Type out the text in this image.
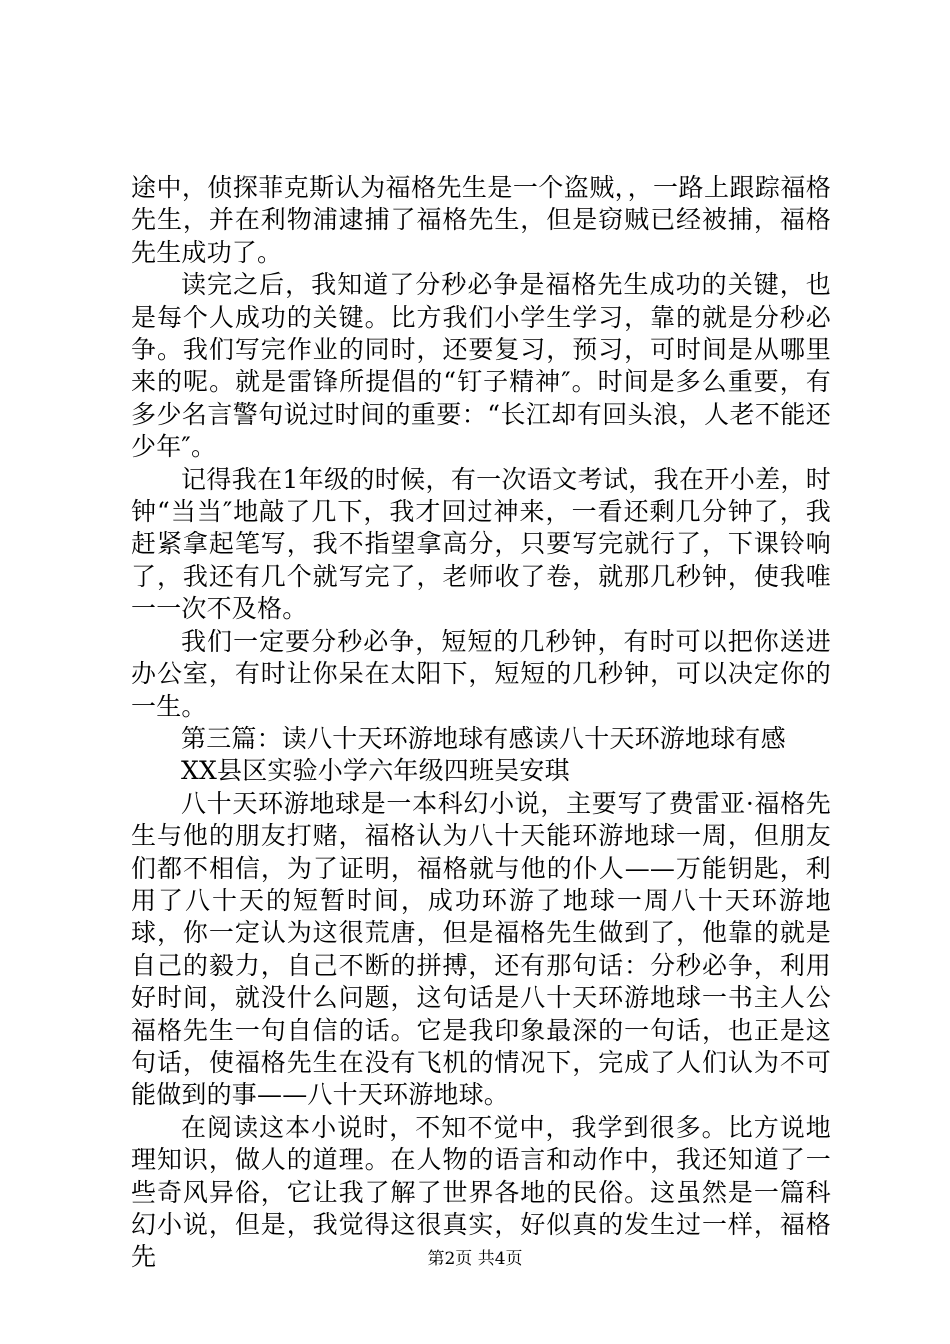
途中，侦探菲克斯认为福格先生是一个盗贼，，一路上跟踪福格先生，并在利物浦逮捕了福格先生，但是窃贼已经被捕，福格先生成功了。

读完之后，我知道了分秒必争是福格先生成功的关键，也是每个人成功的关键。比方我们小学生学习，靠的就是分秒必争。我们写完作业的同时，还要复习，预习，可时间是从哪里来的呢。就是雷锋所提倡的“钉子精神″。时间是多么重要，有多少名言警句说过时间的重要：“长江却有回头浪，人老不能还少年″。

记得我在1年级的时候，有一次语文考试，我在开小差，时钟“当当″地敲了几下，我才回过神来，一看还剩几分钟了，我赶紧拿起笔写，我不指望拿高分，只要写完就行了，下课铃响了，我还有几个就写完了，老师收了卷，就那几秒钟，使我唯一一次不及格。

我们一定要分秒必争，短短的几秒钟，有时可以把你送进办公室，有时让你呆在太阳下，短短的几秒钟，可以决定你的一生。

第三篇：读八十天环游地球有感读八十天环游地球有感

XX县区实验小学六年级四班吴安琪

八十天环游地球是一本科幻小说，主要写了费雷亚·福格先生与他的朋友打赌，福格认为八十天能环游地球一周，但朋友们都不相信，为了证明，福格就与他的仆人——万能钥匙，利用了八十天的短暂时间，成功环游了地球一周八十天环游地球，你一定认为这很荒唐，但是福格先生做到了，他靠的就是自己的毅力，自己不断的拼搏，还有那句话：分秒必争，利用好时间，就没什么问题，这句话是八十天环游地球一书主人公福格先生一句自信的话。它是我印象最深的一句话，也正是这句话，使福格先生在没有飞机的情况下，完成了人们认为不可能做到的事——八十天环游地球。

在阅读这本小说时，不知不觉中，我学到很多。比方说地理知识，做人的道理。在人物的语言和动作中，我还知道了一些奇风异俗，它让我了解了世界各地的民俗。这虽然是一篇科幻小说，但是，我觉得这很真实，好似真的发生过一样，福格先	第2页 共4页
